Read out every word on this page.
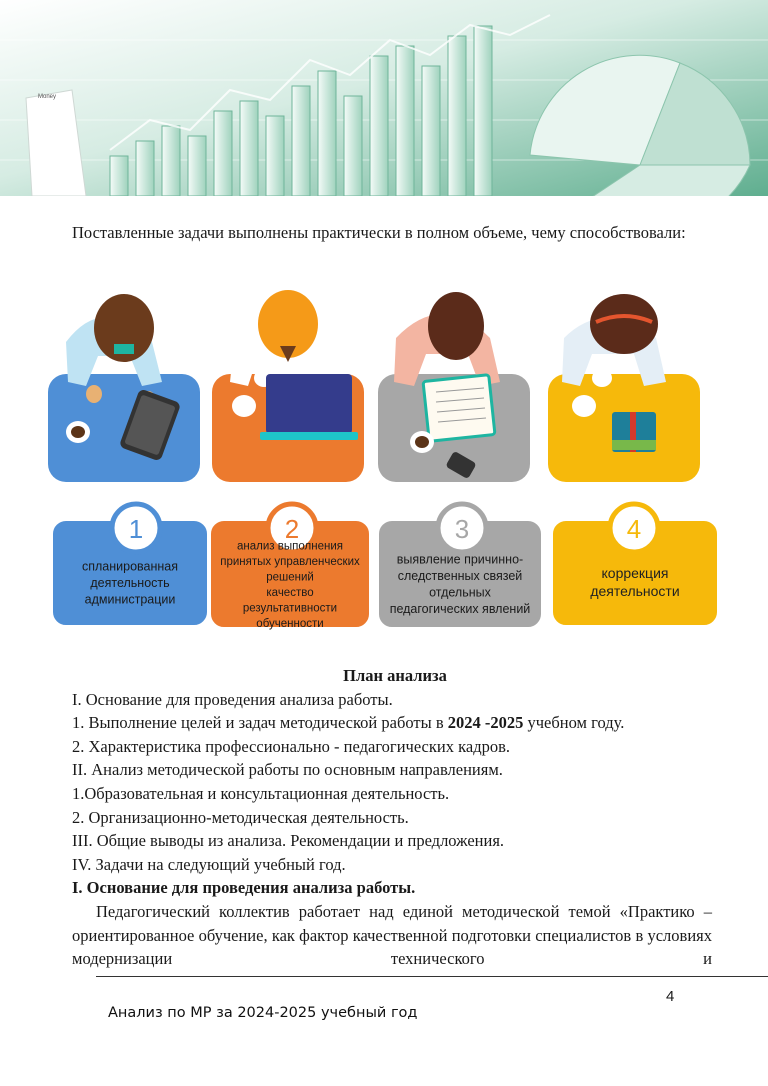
Money

Поставленные задачи выполнены практически в полном объеме, чему способствовали:

1
спланированная
деятельность
администрации
2
анализ выполнения
принятых управленческих
решений
качество
результативности
обученности
3
выявление причинно-
следственных связей
отдельных
педагогических явлений
4
коррекция
деятельности

План анализа

I. Основание для проведения анализа работы.

1. Выполнение целей и задач методической работы в 2024 -2025 учебном году.

2. Характеристика профессионально - педагогических кадров.

II. Анализ методической работы по основным направлениям.

1.Образовательная и консультационная деятельность.

2. Организационно-методическая деятельность.

III. Общие выводы из анализа. Рекомендации и предложения.

IV. Задачи на следующий учебный год.

I. Основание для проведения анализа работы.

Педагогический коллектив работает над единой методической темой «Практико – ориентированное обучение, как фактор качественной подготовки специалистов в условиях модернизации технического и

4
Анализ по МР за 2024-2025 учебный год
